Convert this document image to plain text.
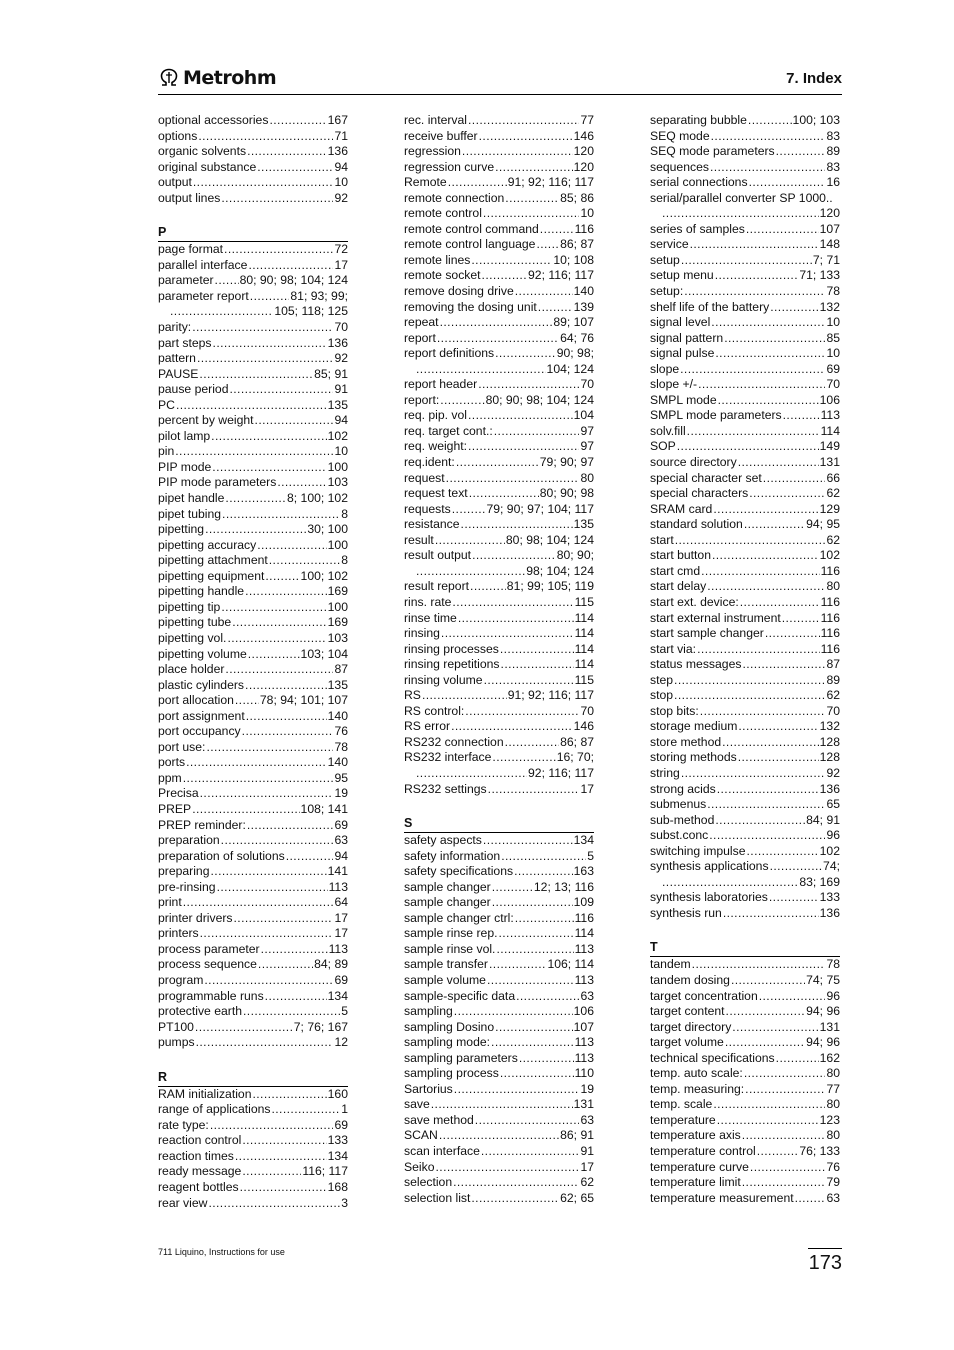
Metrohm	7. Index
optional accessories .....	167
options .....	71
organic solvents .....	136
original substance .....	94
output .....	10
output lines .....	92
P
page format .....	72
parallel interface .....	17
parameter ..... 80; 90; 98; 104; 124
parameter report .....	81; 93; 99;
.....
105; 118; 125
parity: .....	70
part steps .....	136
pattern .....	92
PAUSE .....	85; 91
pause period .....	91
PC .....	135
percent by weight .....	94
pilot lamp .....	102
pin .....	10
PIP mode .....	100
PIP mode parameters .....	103
pipet handle .....	8; 100; 102
pipet tubing .....	8
pipetting .....	30; 100
pipetting accuracy .....	100
pipetting attachment .....	8
pipetting equipment .....	100; 102
pipetting handle .....	169
pipetting tip .....	100
pipetting tube .....	169
pipetting vol. .....	103
pipetting volume .....	103; 104
place holder .....	87
plastic cylinders .....	135
port allocation ..... 78; 94; 101; 107
port assignment .....	140
port occupancy .....	76
port use: .....	78
ports .....	140
ppm .....	95
Precisa .....	19
PREP .....	108; 141
PREP reminder: .....	69
preparation .....	63
preparation of solutions .....	94
preparing .....	141
pre-rinsing .....	113
print .....	64
printer drivers .....	17
printers .....	17
process parameter .....	113
process sequence .....	84; 89
program .....	69
programmable runs .....	134
protective earth .....	5
PT100 .....	7; 76; 167
pumps .....	12
R
RAM initialization .....	160
range of applications .....	1
rate type: .....	69
reaction control .....	133
reaction times .....	134
ready message .....	116; 117
reagent bottles .....	168
rear view .....	3
rec. interval .....	77
receive buffer .....	146
regression .....	120
regression curve .....	120
Remote .....	91; 92; 116; 117
remote connection .....	85; 86
remote control .....	10
remote control command .....	116
remote control language ..... 86; 87
remote lines .....	10; 108
remote socket .....	92; 116; 117
remove dosing drive .....	140
removing the dosing unit .....	139
repeat .....	89; 107
report .....	64; 76
report definitions .....	90; 98;
.....
104; 124
report header .....	70
report: .....	80; 90; 98; 104; 124
req. pip. vol .....	104
req. target cont.: .....	97
req. weight: .....	97
req.ident: .....	79; 90; 97
request .....	80
request text .....	80; 90; 98
requests .....	79; 90; 97; 104; 117
resistance .....	135
result .....	80; 98; 104; 124
result output .....	80; 90;
.....
98; 104; 124
result report .....	81; 99; 105; 119
rins. rate .....	115
rinse time .....	114
rinsing .....	114
rinsing processes .....	114
rinsing repetitions .....	114
rinsing volume .....	115
RS .....	91; 92; 116; 117
RS control: .....	70
RS error .....	146
RS232 connection .....	86; 87
RS232 interface .....	16; 70;
.....
92; 116; 117
RS232 settings .....	17
S
safety aspects .....	134
safety information .....	5
safety specifications .....	163
sample changer .....	12; 13; 116
sample changer .....	109
sample changer ctrl: .....	116
sample rinse rep. .....	114
sample rinse vol. .....	113
sample transfer .....	106; 114
sample volume .....	113
sample-specific data .....	63
sampling .....	106
sampling Dosino .....	107
sampling mode: .....	113
sampling parameters .....	113
sampling process .....	110
Sartorius .....	19
save .....	131
save method .....	63
SCAN .....	86; 91
scan interface .....	91
Seiko .....	17
selection .....	62
selection list .....	62; 65
separating bubble .....	100; 103
SEQ mode .....	83
SEQ mode parameters .....	89
sequences .....	83
serial connections .....	16
serial/parallel converter SP 1000..
.....
120
series of samples .....	107
service .....	148
setup .....	7; 71
setup menu .....	71; 133
setup: .....	78
shelf life of the battery .....	132
signal level .....	10
signal pattern .....	85
signal pulse .....	10
slope .....	69
slope +/- .....	70
SMPL mode .....	106
SMPL mode parameters .....	113
solv.fill .....	114
SOP .....	149
source directory .....	131
special character set .....	66
special characters .....	62
SRAM card .....	129
standard solution .....	94; 95
start .....	62
start button .....	102
start cmd .....	116
start delay .....	80
start ext. device: .....	116
start external instrument .....	116
start sample changer .....	116
start via: .....	116
status messages .....	87
step .....	89
stop .....	62
stop bits: .....	70
storage medium .....	132
store method .....	128
storing methods .....	128
string .....	92
strong acids .....	136
submenus .....	65
sub-method .....	84; 91
subst.conc .....	96
switching impulse .....	102
synthesis applications .....	74;
.....
83; 169
synthesis laboratories .....	133
synthesis run .....	136
T
tandem .....	78
tandem dosing .....	74; 75
target concentration .....	96
target content .....	94; 96
target directory .....	131
target volume .....	94; 96
technical specifications .....	162
temp. auto scale: .....	80
temp. measuring: .....	77
temp. scale .....	80
temperature .....	123
temperature axis .....	80
temperature control .....	76; 133
temperature curve .....	76
temperature limit .....	79
temperature measurement .....	63
711 Liquino, Instructions for use	173
